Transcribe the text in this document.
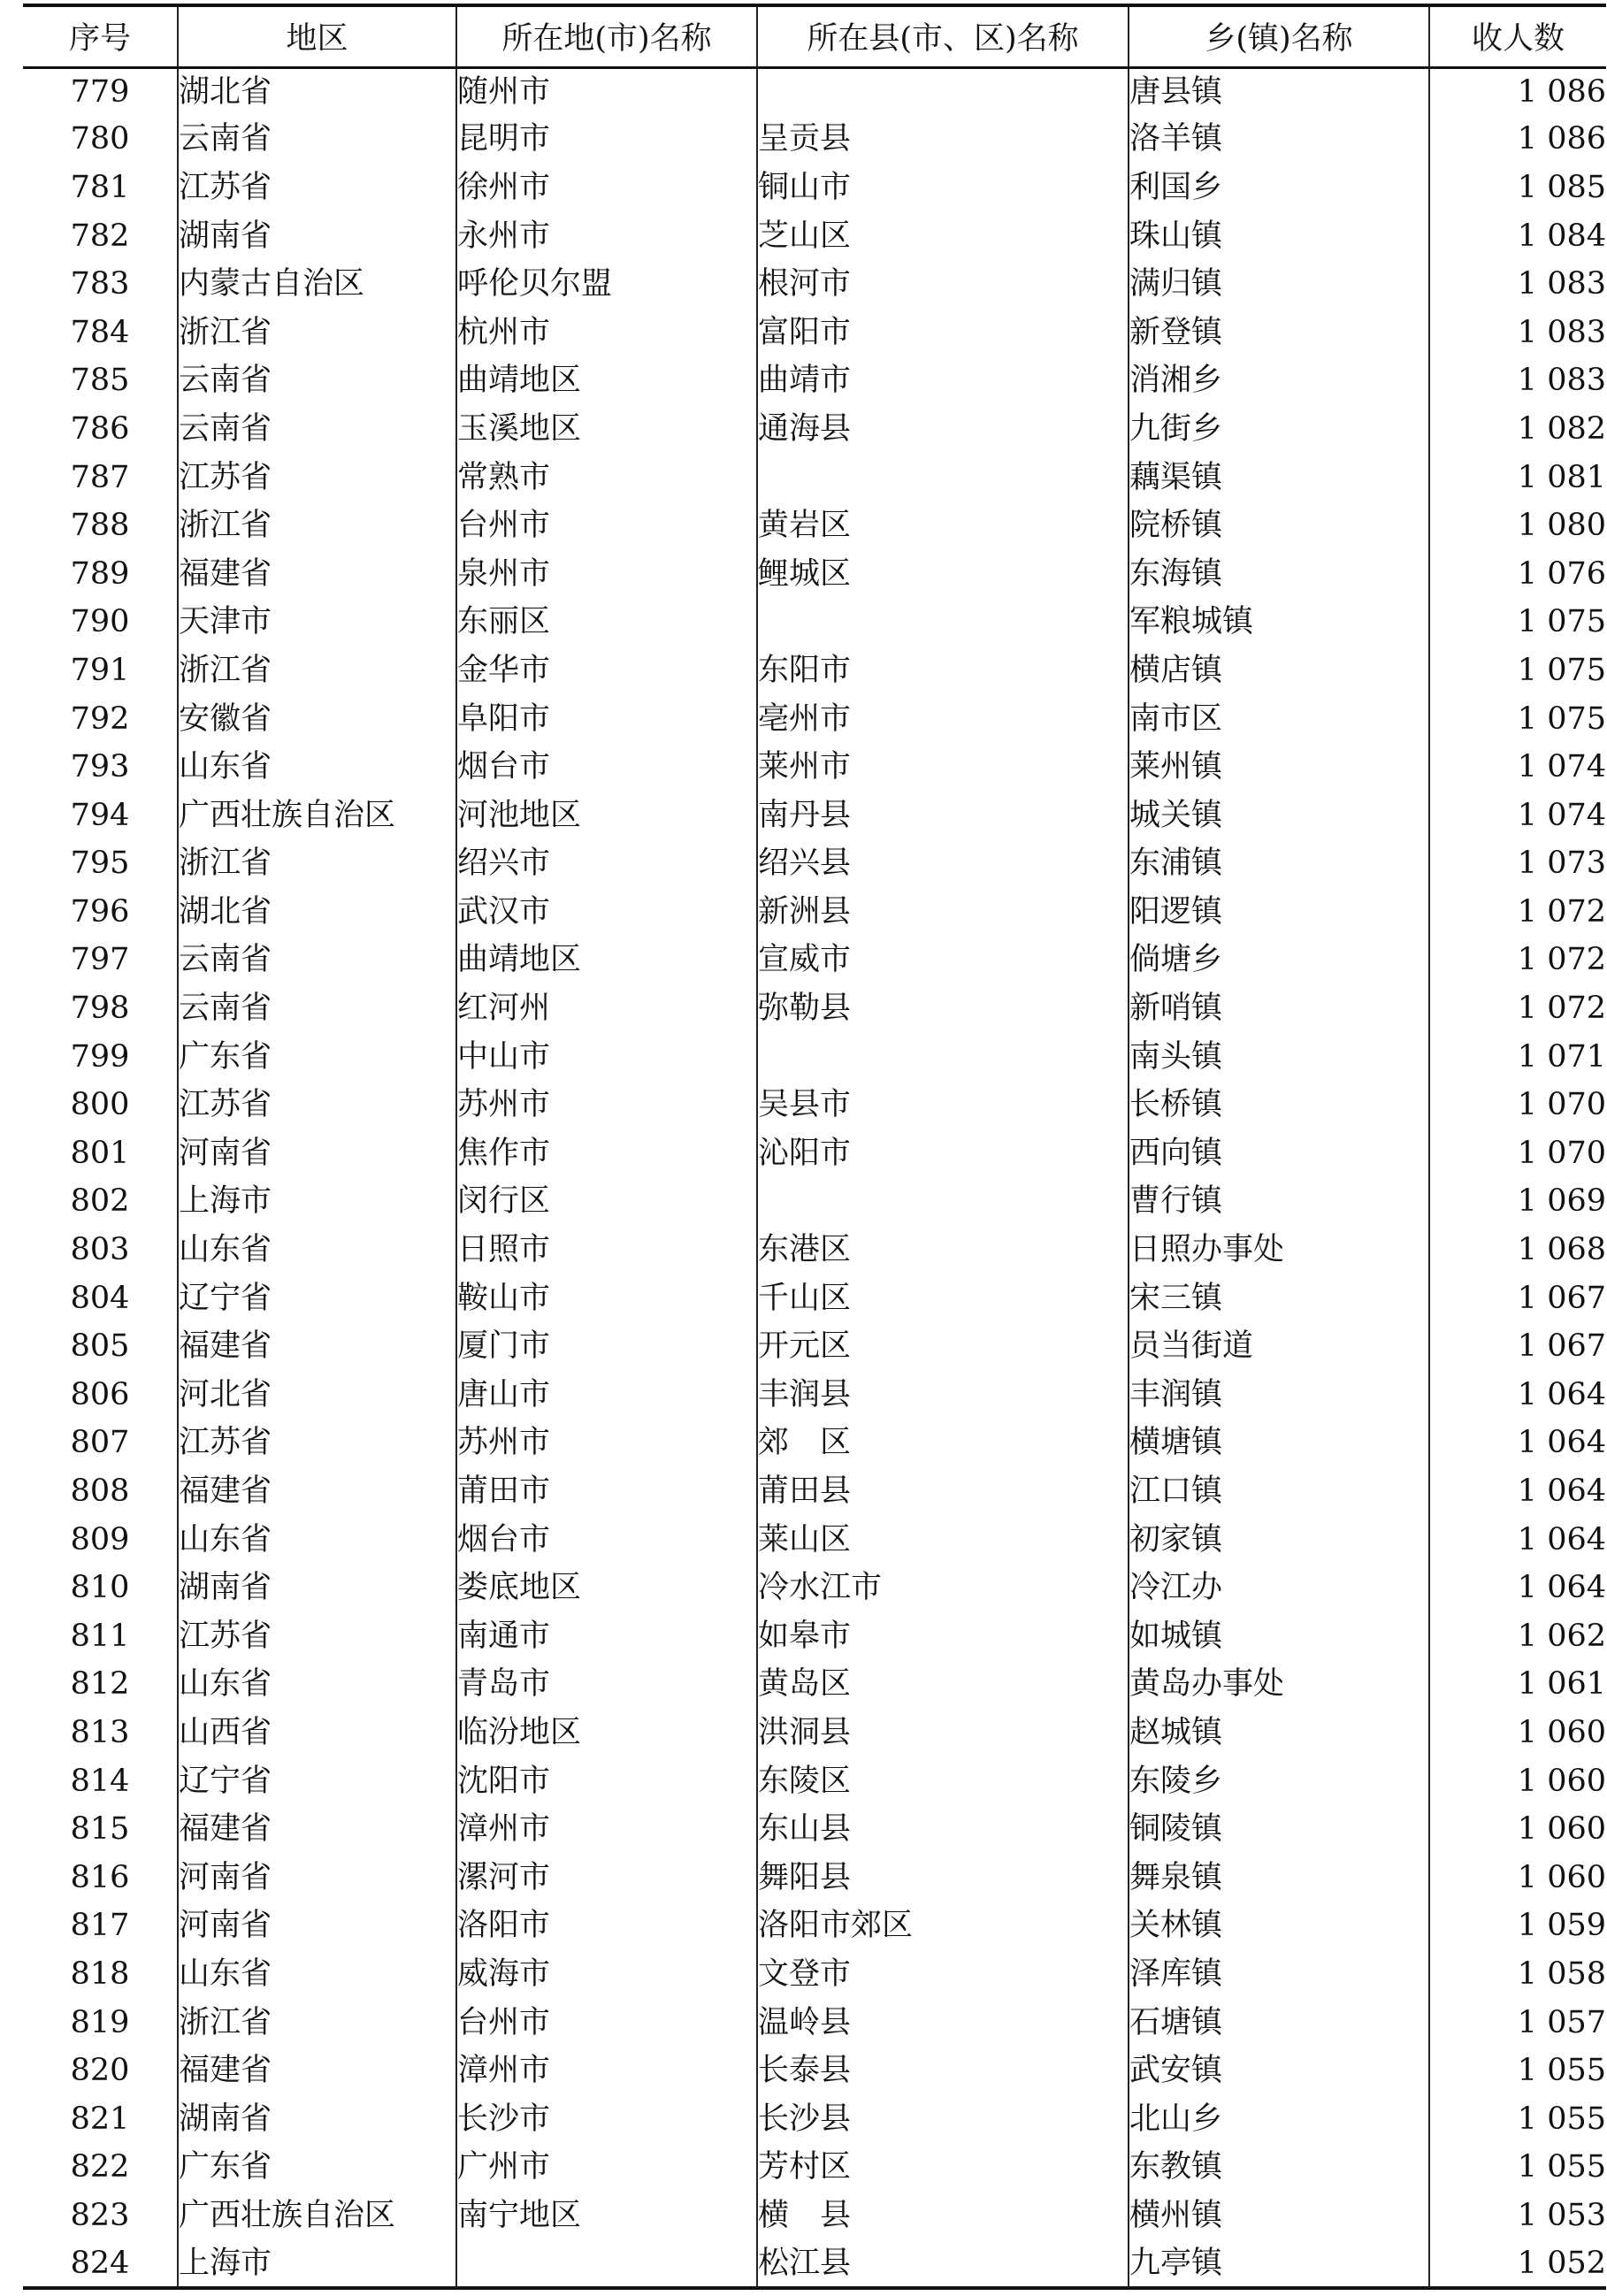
序号	地区	所在地(市)名称	所在县(市、区)名称	乡(镇)名称	收人数
779	湖北省	随州市		唐县镇	1 086
780	云南省	昆明市	呈贡县	洛羊镇	1 086
781	江苏省	徐州市	铜山市	利国乡	1 085
782	湖南省	永州市	芝山区	珠山镇	1 084
783	内蒙古自治区	呼伦贝尔盟	根河市	满归镇	1 083
784	浙江省	杭州市	富阳市	新登镇	1 083
785	云南省	曲靖地区	曲靖市	消湘乡	1 083
786	云南省	玉溪地区	通海县	九街乡	1 082
787	江苏省	常熟市		藕渠镇	1 081
788	浙江省	台州市	黄岩区	院桥镇	1 080
789	福建省	泉州市	鲤城区	东海镇	1 076
790	天津市	东丽区		军粮城镇	1 075
791	浙江省	金华市	东阳市	横店镇	1 075
792	安徽省	阜阳市	亳州市	南市区	1 075
793	山东省	烟台市	莱州市	莱州镇	1 074
794	广西壮族自治区	河池地区	南丹县	城关镇	1 074
795	浙江省	绍兴市	绍兴县	东浦镇	1 073
796	湖北省	武汉市	新洲县	阳逻镇	1 072
797	云南省	曲靖地区	宣威市	倘塘乡	1 072
798	云南省	红河州	弥勒县	新哨镇	1 072
799	广东省	中山市		南头镇	1 071
800	江苏省	苏州市	吴县市	长桥镇	1 070
801	河南省	焦作市	沁阳市	西向镇	1 070
802	上海市	闵行区		曹行镇	1 069
803	山东省	日照市	东港区	日照办事处	1 068
804	辽宁省	鞍山市	千山区	宋三镇	1 067
805	福建省	厦门市	开元区	员当街道	1 067
806	河北省	唐山市	丰润县	丰润镇	1 064
807	江苏省	苏州市	郊　区	横塘镇	1 064
808	福建省	莆田市	莆田县	江口镇	1 064
809	山东省	烟台市	莱山区	初家镇	1 064
810	湖南省	娄底地区	冷水江市	冷江办	1 064
811	江苏省	南通市	如皋市	如城镇	1 062
812	山东省	青岛市	黄岛区	黄岛办事处	1 061
813	山西省	临汾地区	洪洞县	赵城镇	1 060
814	辽宁省	沈阳市	东陵区	东陵乡	1 060
815	福建省	漳州市	东山县	铜陵镇	1 060
816	河南省	漯河市	舞阳县	舞泉镇	1 060
817	河南省	洛阳市	洛阳市郊区	关林镇	1 059
818	山东省	威海市	文登市	泽库镇	1 058
819	浙江省	台州市	温岭县	石塘镇	1 057
820	福建省	漳州市	长泰县	武安镇	1 055
821	湖南省	长沙市	长沙县	北山乡	1 055
822	广东省	广州市	芳村区	东教镇	1 055
823	广西壮族自治区	南宁地区	横　县	横州镇	1 053
824	上海市		松江县	九亭镇	1 052
